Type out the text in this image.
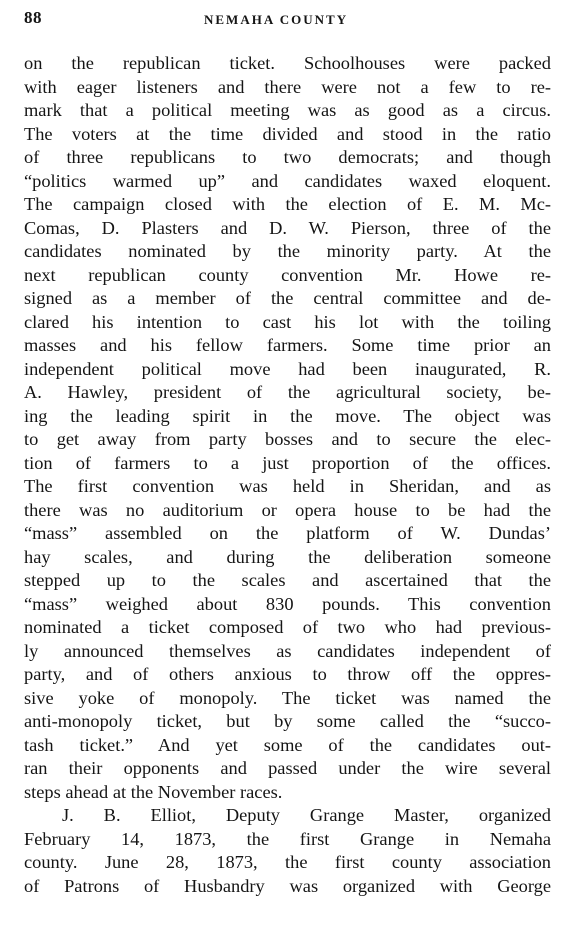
88	NEMAHA COUNTY
on the republican ticket. Schoolhouses were packed
with eager listeners and there were not a few to re-
mark that a political meeting was as good as a circus.
The voters at the time divided and stood in the ratio
of three republicans to two democrats; and though
“politics warmed up” and candidates waxed eloquent.
The campaign closed with the election of E. M. Mc-
Comas, D. Plasters and D. W. Pierson, three of the
candidates nominated by the minority party. At the
next republican county convention Mr. Howe re-
signed as a member of the central committee and de-
clared his intention to cast his lot with the toiling
masses and his fellow farmers. Some time prior an
independent political move had been inaugurated, R.
A. Hawley, president of the agricultural society, be-
ing the leading spirit in the move. The object was
to get away from party bosses and to secure the elec-
tion of farmers to a just proportion of the offices.
The first convention was held in Sheridan, and as
there was no auditorium or opera house to be had the
“mass” assembled on the platform of W. Dundas’
hay scales, and during the deliberation someone
stepped up to the scales and ascertained that the
“mass” weighed about 830 pounds. This convention
nominated a ticket composed of two who had previous-
ly announced themselves as candidates independent of
party, and of others anxious to throw off the oppres-
sive yoke of monopoly. The ticket was named the
anti-monopoly ticket, but by some called the “succo-
tash ticket.” And yet some of the candidates out-
ran their opponents and passed under the wire several
steps ahead at the November races.
J. B. Elliot, Deputy Grange Master, organized
February 14, 1873, the first Grange in Nemaha
county. June 28, 1873, the first county association
of Patrons of Husbandry was organized with George
